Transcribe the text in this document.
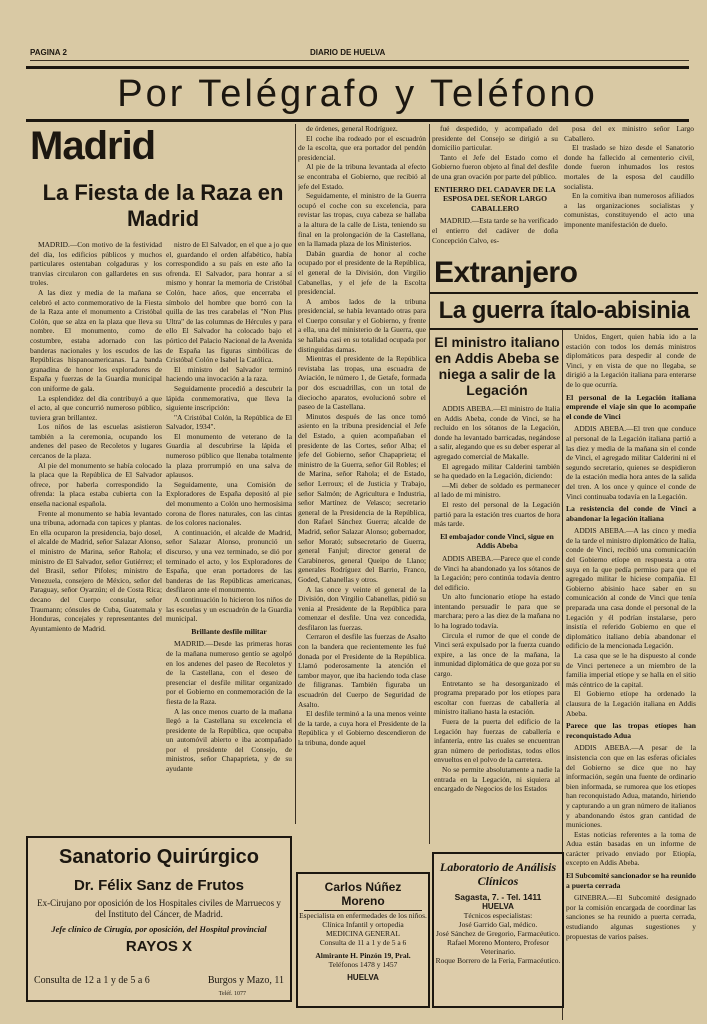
PAGINA 2	DIARIO DE HUELVA
Por Telégrafo y Teléfono
Madrid
La Fiesta de la Raza en Madrid

MADRID.—Con motivo de la festividad del día, los edificios públicos y muchos particulares ostentaban colgaduras y los tranvías circularon con gallardetes en sus troles.

A las diez y media de la mañana se celebró el acto conmemorativo de la Fiesta de la Raza ante el monumento a Cristóbal Colón, que se alza en la plaza que lleva su nombre. El monumento, como de costumbre, estaba adornado con las banderas nacionales y los escudos de las Repúblicas hispanoamericanas. La banda granadina de honor los exploradores de España y fuerzas de la Guardia municipal con uniforme de gala.

La esplendidez del día contribuyó a que el acto, al que concurrió numeroso público, tuviera gran brillantez.

Los niños de las escuelas asistieron también a la ceremonia, ocupando los andenes del paseo de Recoletos y lugares cercanos de la plaza.

Al pie del monumento se había colocado la placa que la República de El Salvador ofrece, por haberla correspondido la ofrenda: la placa estaba cubierta con la enseña nacional española.

Frente al monumento se había levantado una tribuna, adornada con tapices y plantas. En ella ocuparon la presidencia, bajo dosel, el alcalde de Madrid, señor Salazar Alonso, el ministro de Marina, señor Rahola; el ministro de El Salvador, señor Gutiérrez; el del Brasil, señor Pifoles; ministro de Venezuela, consejero de México, señor del Paraguay, señor Oyarzún; el de Costa Rica; decano del Cuerpo consular, señor Traumann; cónsules de Cuba, Guatemala y Honduras, concejales y representantes del Ayuntamiento de Madrid.

nistro de El Salvador, en el que a jo que el, guardando el orden alfabético, había correspondido a su país en este año la ofrenda. El Salvador, para honrar a sí mismo y honrar la memoria de Cristóbal Colón, hace años, que encerraba el símbolo del hombre que borró con la quilla de las tres carabelas el "Non Plus Ultra" de las columnas de Hércules y para ello El Salvador ha colocado bajo el pórtico del Palacio Nacional de la Avenida de España las figuras simbólicas de Cristóbal Colón e Isabel la Católica.

El ministro del Salvador terminó haciendo una invocación a la raza.

Seguidamente procedió a descubrir la lápida conmemorativa, que lleva la siguiente inscripción:

"A Cristóbal Colón, la República de El Salvador, 1934".

El monumento de veterano de la Guardia al descubrirse la lápida el numeroso público que llenaba totalmente la plaza prorrumpió en una salva de aplausos.

Seguidamente, una Comisión de Exploradores de España depositó al pie del monumento a Colón uno hermosísima corona de flores naturales, con las cintas de los colores nacionales.

A continuación, el alcalde de Madrid, señor Salazar Alonso, pronunció un discurso, y una vez terminado, se dió por terminado el acto, y los Exploradores de España, que eran portadores de las banderas de las Repúblicas americanas, desfilaron ante el monumento.

A continuación lo hicieron los niños de las escuelas y un escuadrón de la Guardia municipal.

Brillante desfile militar

MADRID.—Desde las primeras horas de la mañana numeroso gentío se agolpó en los andenes del paseo de Recoletos y de la Castellana, con el deseo de presenciar el desfile militar organizado por el Gobierno en conmemoración de la fiesta de la Raza.

A las once menos cuarto de la mañana llegó a la Castellana su excelencia el presidente de la República, que ocupaba un automóvil abierto e iba acompañado por el presidente del Consejo, de ministros, señor Chapaprieta, y de su ayudante

de órdenes, general Rodríguez.

El coche iba rodeado por el escuadrón de la escolta, que era portador del pendón presidencial.

Al pie de la tribuna levantada al efecto se encontraba el Gobierno, que recibió al jefe del Estado.

Seguidamente, el ministro de la Guerra ocupó el coche con su excelencia, para revistar las tropas, cuya cabeza se hallaba a la altura de la calle de Lista, teniendo su final en la prolongación de la Castellana, en la llamada plaza de los Ministerios.

Dabán guardia de honor al coche ocupado por el presidente de la República, el general de la División, don Virgilio Cabanellas, y el jefe de la Escolta presidencial.

A ambos lados de la tribuna presidencial, se había levantado otras para el Cuerpo consular y el Gobierno, y frente a ella, una del ministerio de la Guerra, que se hallaba casi en su totalidad ocupada por distinguidas damas.

Mientras el presidente de la República revistaba las tropas, una escuadra de Aviación, le número 1, de Getafe, formada por dos escuadrillas, con un total de dieciocho aparatos, evolucionó sobre el paseo de la Castellana.

Minutos después de las once tomó asiento en la tribuna presidencial el Jefe del Estado, a quien acompañaban el presidente de las Cortes, señor Alba; el jefe del Gobierno, señor Chapaprieta; el ministro de la Guerra, señor Gil Robles; el de Marina, señor Rahola; el de Estado, señor Lerroux; el de Justicia y Trabajo, señor Salmón; de Agricultura e Industria, señor Martínez de Velasco; secretario general de la Presidencia de la República, don Rafael Sánchez Guerra; alcalde de Madrid, señor Salazar Alonso; gobernador, señor Morató; subsecretario de Guerra, general Fanjul; director general de Carabineros, general Queipo de Llano; generales Rodríguez del Barrio, Franco, Goded, Cabanellas y otros.

A las once y veinte el general de la División, don Virgilio Cabanellas, pidió su venia al Presidente de la República para comenzar el desfile. Una vez concedida, desfilaron las fuerzas.

Cerraron el desfile las fuerzas de Asalto con la bandera que recientemente les fué donada por el Presidente de la República. Llamó poderosamente la atención el tambor mayor, que iba haciendo toda clase de filigranas. También figuraba un escuadrón del Cuerpo de Seguridad de Asalto.

El desfile terminó a la una menos veinte de la tarde, a cuya hora el Presidente de la República y el Gobierno descendieron de la tribuna, donde aquel

fué despedido, y acompañado del presidente del Consejo se dirigió a su domicilio particular.

Tanto el Jefe del Estado como el Gobierno fueron objeto al final del desfile de una gran ovación por parte del público.

ENTIERRO DEL CADAVER DE LA ESPOSA DEL SEÑOR LARGO CABALLERO

MADRID.—Esta tarde se ha verificado el entierro del cadáver de doña Concepción Calvo, es-

posa del ex ministro señor Largo Caballero.

El traslado se hizo desde el Sanatorio donde ha fallecido al cementerio civil, donde fueron inhumados los restos mortales de la esposa del caudillo socialista.

En la comitiva iban numerosos afiliados a las organizaciones socialistas y comunistas, constituyendo el acto una imponente manifestación de duelo.

Extranjero
La guerra ítalo-abisinia

El ministro italiano en Addis Abeba se niega a salir de la Legación

ADDIS ABEBA.—El ministro de Italia en Addis Abeba, conde de Vinci, se ha recluido en los sótanos de la Legación, donde ha levantado barricadas, negándose a salir, alegando que es su deber esperar al agregado comercial de Makalle.

El agregado militar Calderini también se ha quedado en la Legación, diciendo:

—Mi deber de soldado es permanecer al lado de mi ministro.

El resto del personal de la Legación partió para la estación tres cuartos de hora más tarde.

El embajador conde Vinci, sigue en Addis Abeba

ADDIS ABEBA.—Parece que el conde de Vinci ha abandonado ya los sótanos de la Legación; pero continúa todavía dentro del edificio.

Un alto funcionario etíope ha estado intentando persuadir le para que se marchara; pero a las diez de la mañana no lo ha logrado todavía.

Circula el rumor de que el conde de Vinci será expulsado por la fuerza cuando expire, a las once de la mañana, la inmunidad diplomática de que goza por su cargo.

Entretanto se ha desorganizado el programa preparado por los etíopes para escoltar con fuerzas de caballería al ministro italiano hasta la estación.

Fuera de la puerta del edificio de la Legación hay fuerzas de caballería e infantería, entre las cuales se encuentran gran número de periodistas, todos ellos envueltos en el polvo de la carretera.

No se permite absolutamente a nadie la entrada en la Legación, ni siquiera al encargado de Negocios de los Estados

Unidos, Engert, quien había ido a la estación con todos los demás ministros diplomáticos para despedir al conde de Vinci, y en vista de que no llegaba, se dirigió a la Legación italiana para enterarse de lo que ocurría.

El personal de la Legación italiana emprende el viaje sin que lo acompañe el conde de Vinci

ADDIS ABEBA.—El tren que conduce al personal de la Legación italiana partió a las diez y media de la mañana sin el conde de Vinci, el agregado militar Calderini ni el segundo secretario, quienes se despidieron de la estación media hora antes de la salida del tren. A los once y quince el conde de Vinci continuaba todavía en la Legación.

La resistencia del conde de Vinci a abandonar la legación italiana

ADDIS ABEBA.—A las cinco y media de la tarde el ministro diplomático de Italia, conde de Vinci, recibió una comunicación del Gobierno etíope en respuesta a otra suya en la que pedía permiso para que el agregado militar le hiciese compañía. El Gobierno abisinio hace saber en su comunicación al conde de Vinci que tenía preparada una casa donde el personal de la Legación y él podrían instalarse, pero insistía el referido Gobierno en que el diplomático italiano debía abandonar el edificio de la mencionada Legación.

La casa que se le ha dispuesto al conde de Vinci pertenece a un miembro de la familia imperial etíope y se halla en el sitio más céntrico de la capital.

El Gobierno etíope ha ordenado la clausura de la Legación italiana en Addis Abeba.

Parece que las tropas etíopes han reconquistado Adua

ADDIS ABEBA.—A pesar de la insistencia con que en las esferas oficiales del Gobierno se dice que no hay información, según una fuente de ordinario bien informada, se rumorea que los etíopes han reconquistado Adua, matando, hiriendo y capturando a un gran número de italianos y abandonando éstos gran cantidad de municiones.

Estas noticias referentes a la toma de Adua están basadas en un informe de carácter privado enviado por Etiopía, excepto en Addis Abeba.

El Subcomité sancionador se ha reunido a puerta cerrada

GINEBRA.—El Subcomité designado por la comisión encargada de coordinar las sanciones se ha reunido a puerta cerrada, estudiando algunas sugestiones y propuestas de varios países.

Sanatorio Quirúrgico
Dr. Félix Sanz de Frutos
Ex-Cirujano por oposición de los Hospitales civiles de Marruecos y del Instituto del Cáncer, de Madrid.
Jefe clínico de Cirugía, por oposición, del Hospital provincial
RAYOS X
Consulta de 12 a 1 y de 5 a 6	Burgos y Mazo, 11
Teléf. 1077
Carlos Núñez Moreno
Especialista en enfermedades de los niños.
Clínica Infantil y ortopedia
MEDICINA GENERAL
Consulta de 11 a 1 y de 5 a 6
Almirante H. Pinzón 19, Pral.
Teléfonos 1478 y 1457
HUELVA
Laboratorio de Análisis Clínicos
Sagasta, 7. - Tel. 1411
HUELVA
Técnicos especialistas:
José Garrido Gal, médico.
José Sánchez de Gregorio, Farmacéutico.
Rafael Moreno Montero, Profesor Veterinario.
Roque Borrero de la Feria, Farmacéutico.
